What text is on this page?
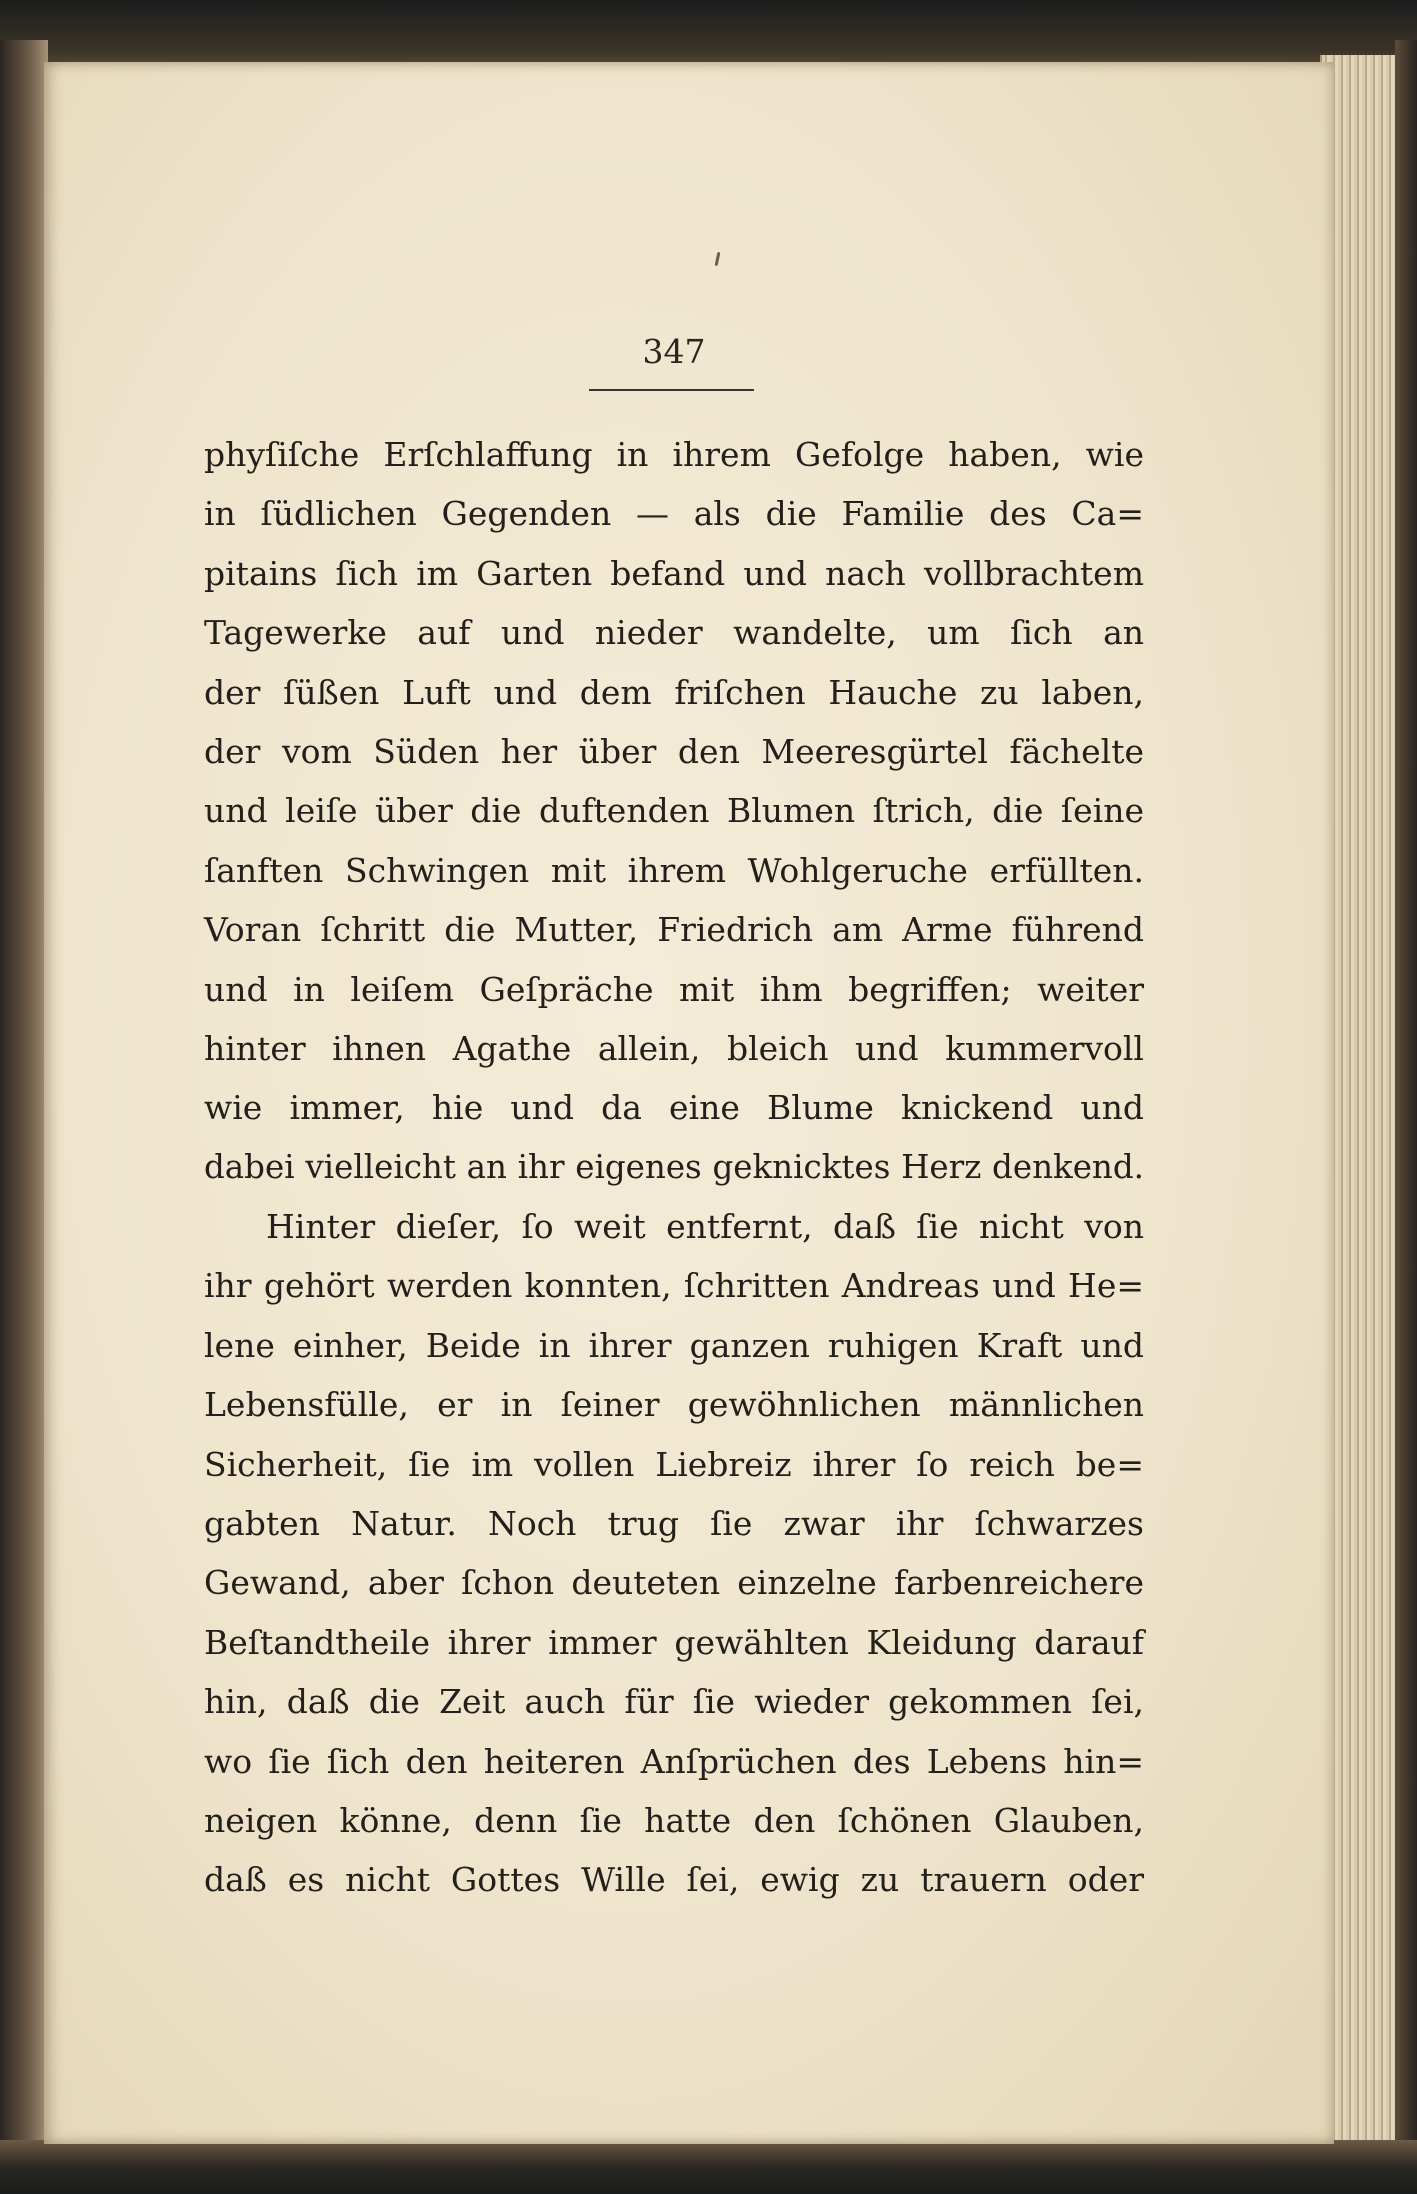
347
phyſiſche Erſchlaffung in ihrem Gefolge haben, wie
in ſüdlichen Gegenden — als die Familie des Ca=
pitains ſich im Garten befand und nach vollbrachtem
Tagewerke auf und nieder wandelte, um ſich an
der ſüßen Luft und dem friſchen Hauche zu laben,
der vom Süden her über den Meeresgürtel fächelte
und leiſe über die duftenden Blumen ſtrich, die ſeine
ſanften Schwingen mit ihrem Wohlgeruche erfüllten.
Voran ſchritt die Mutter, Friedrich am Arme führend
und in leiſem Geſpräche mit ihm begriffen; weiter
hinter ihnen Agathe allein, bleich und kummervoll
wie immer, hie und da eine Blume knickend und
dabei vielleicht an ihr eigenes geknicktes Herz denkend.
Hinter dieſer, ſo weit entfernt, daß ſie nicht von
ihr gehört werden konnten, ſchritten Andreas und He=
lene einher, Beide in ihrer ganzen ruhigen Kraft und
Lebensfülle, er in ſeiner gewöhnlichen männlichen
Sicherheit, ſie im vollen Liebreiz ihrer ſo reich be=
gabten Natur. Noch trug ſie zwar ihr ſchwarzes
Gewand, aber ſchon deuteten einzelne farbenreichere
Beſtandtheile ihrer immer gewählten Kleidung darauf
hin, daß die Zeit auch für ſie wieder gekommen ſei,
wo ſie ſich den heiteren Anſprüchen des Lebens hin=
neigen könne, denn ſie hatte den ſchönen Glauben,
daß es nicht Gottes Wille ſei, ewig zu trauern oder
